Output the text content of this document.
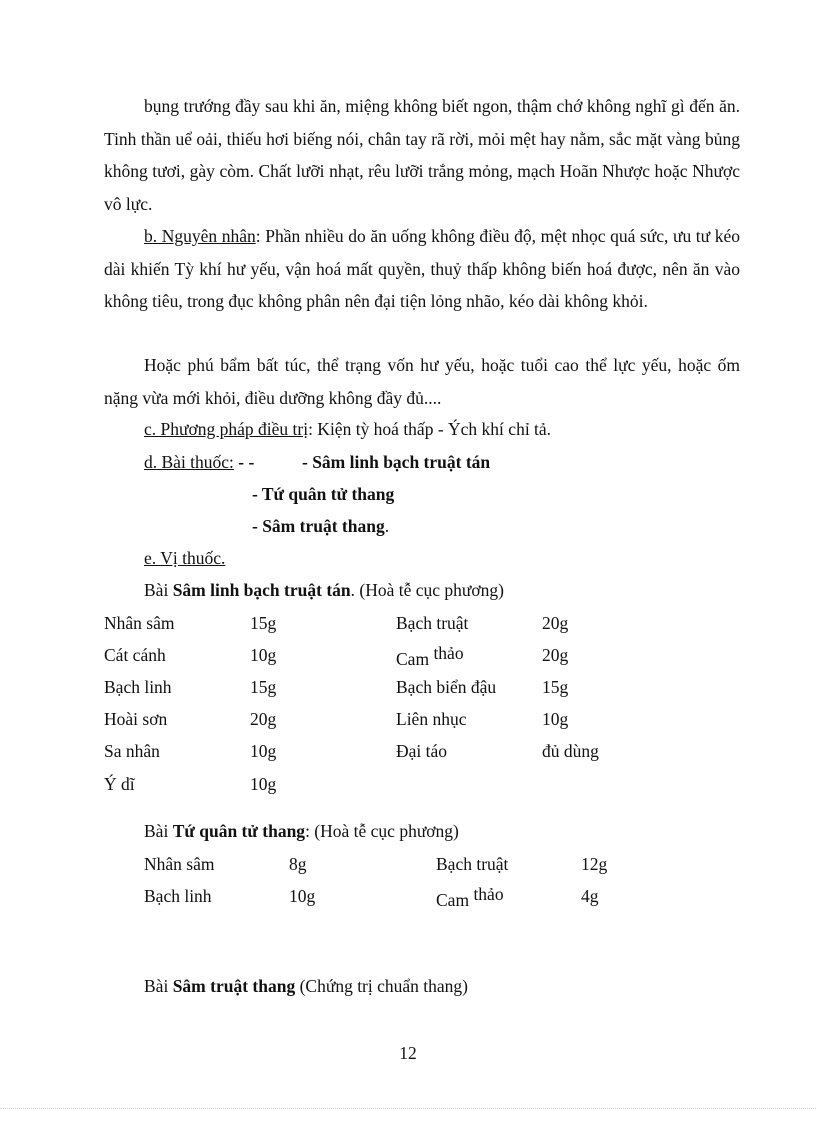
bụng trướng đầy sau khi ăn, miệng không biết ngon, thậm chớ không nghĩ gì đến ăn. Tinh thần uể oải, thiếu hơi biếng nói, chân tay rã rời, mỏi mệt hay nằm, sắc mặt vàng bủng không tươi, gày còm. Chất lưỡi nhạt, rêu lưỡi trắng mỏng, mạch Hoãn Nhược hoặc Nhược vô lực.

b. Nguyên nhân: Phần nhiều do ăn uống không điều độ, mệt nhọc quá sức, ưu tư kéo dài khiến Tỳ khí hư yếu, vận hoá mất quyền, thuỷ thấp không biến hoá được, nên ăn vào không tiêu, trong đục không phân nên đại tiện lỏng nhão, kéo dài không khỏi.

Hoặc phú bẩm bất túc, thể trạng vốn hư yếu, hoặc tuổi cao thể lực yếu, hoặc ốm nặng vừa mới khỏi, điều dưỡng không đầy đủ....

c. Phương pháp điều trị: Kiện tỳ hoá thấp - Ých khí chỉ tả.
d. Bài thuốc: - -	- Sâm linh bạch truật tán
- Tứ quân tử thang
- Sâm truật thang.
e. Vị thuốc.
Bài Sâm linh bạch truật tán. (Hoà tễ cục phương)
Nhân sâm	15g	Bạch truật	20g
Cát cánh	10g	Cam thảo	20g
Bạch linh	15g	Bạch biển đậu	15g
Hoài sơn	20g	Liên nhục	10g
Sa nhân	10g	Đại táo	đủ dùng
Ý dĩ	10g
Bài Tứ quân tử thang: (Hoà tễ cục phương)
Nhân sâm	8g	Bạch truật	12g
Bạch linh	10g	Cam thảo	4g
Bài Sâm truật thang (Chứng trị chuẩn thang)
12
